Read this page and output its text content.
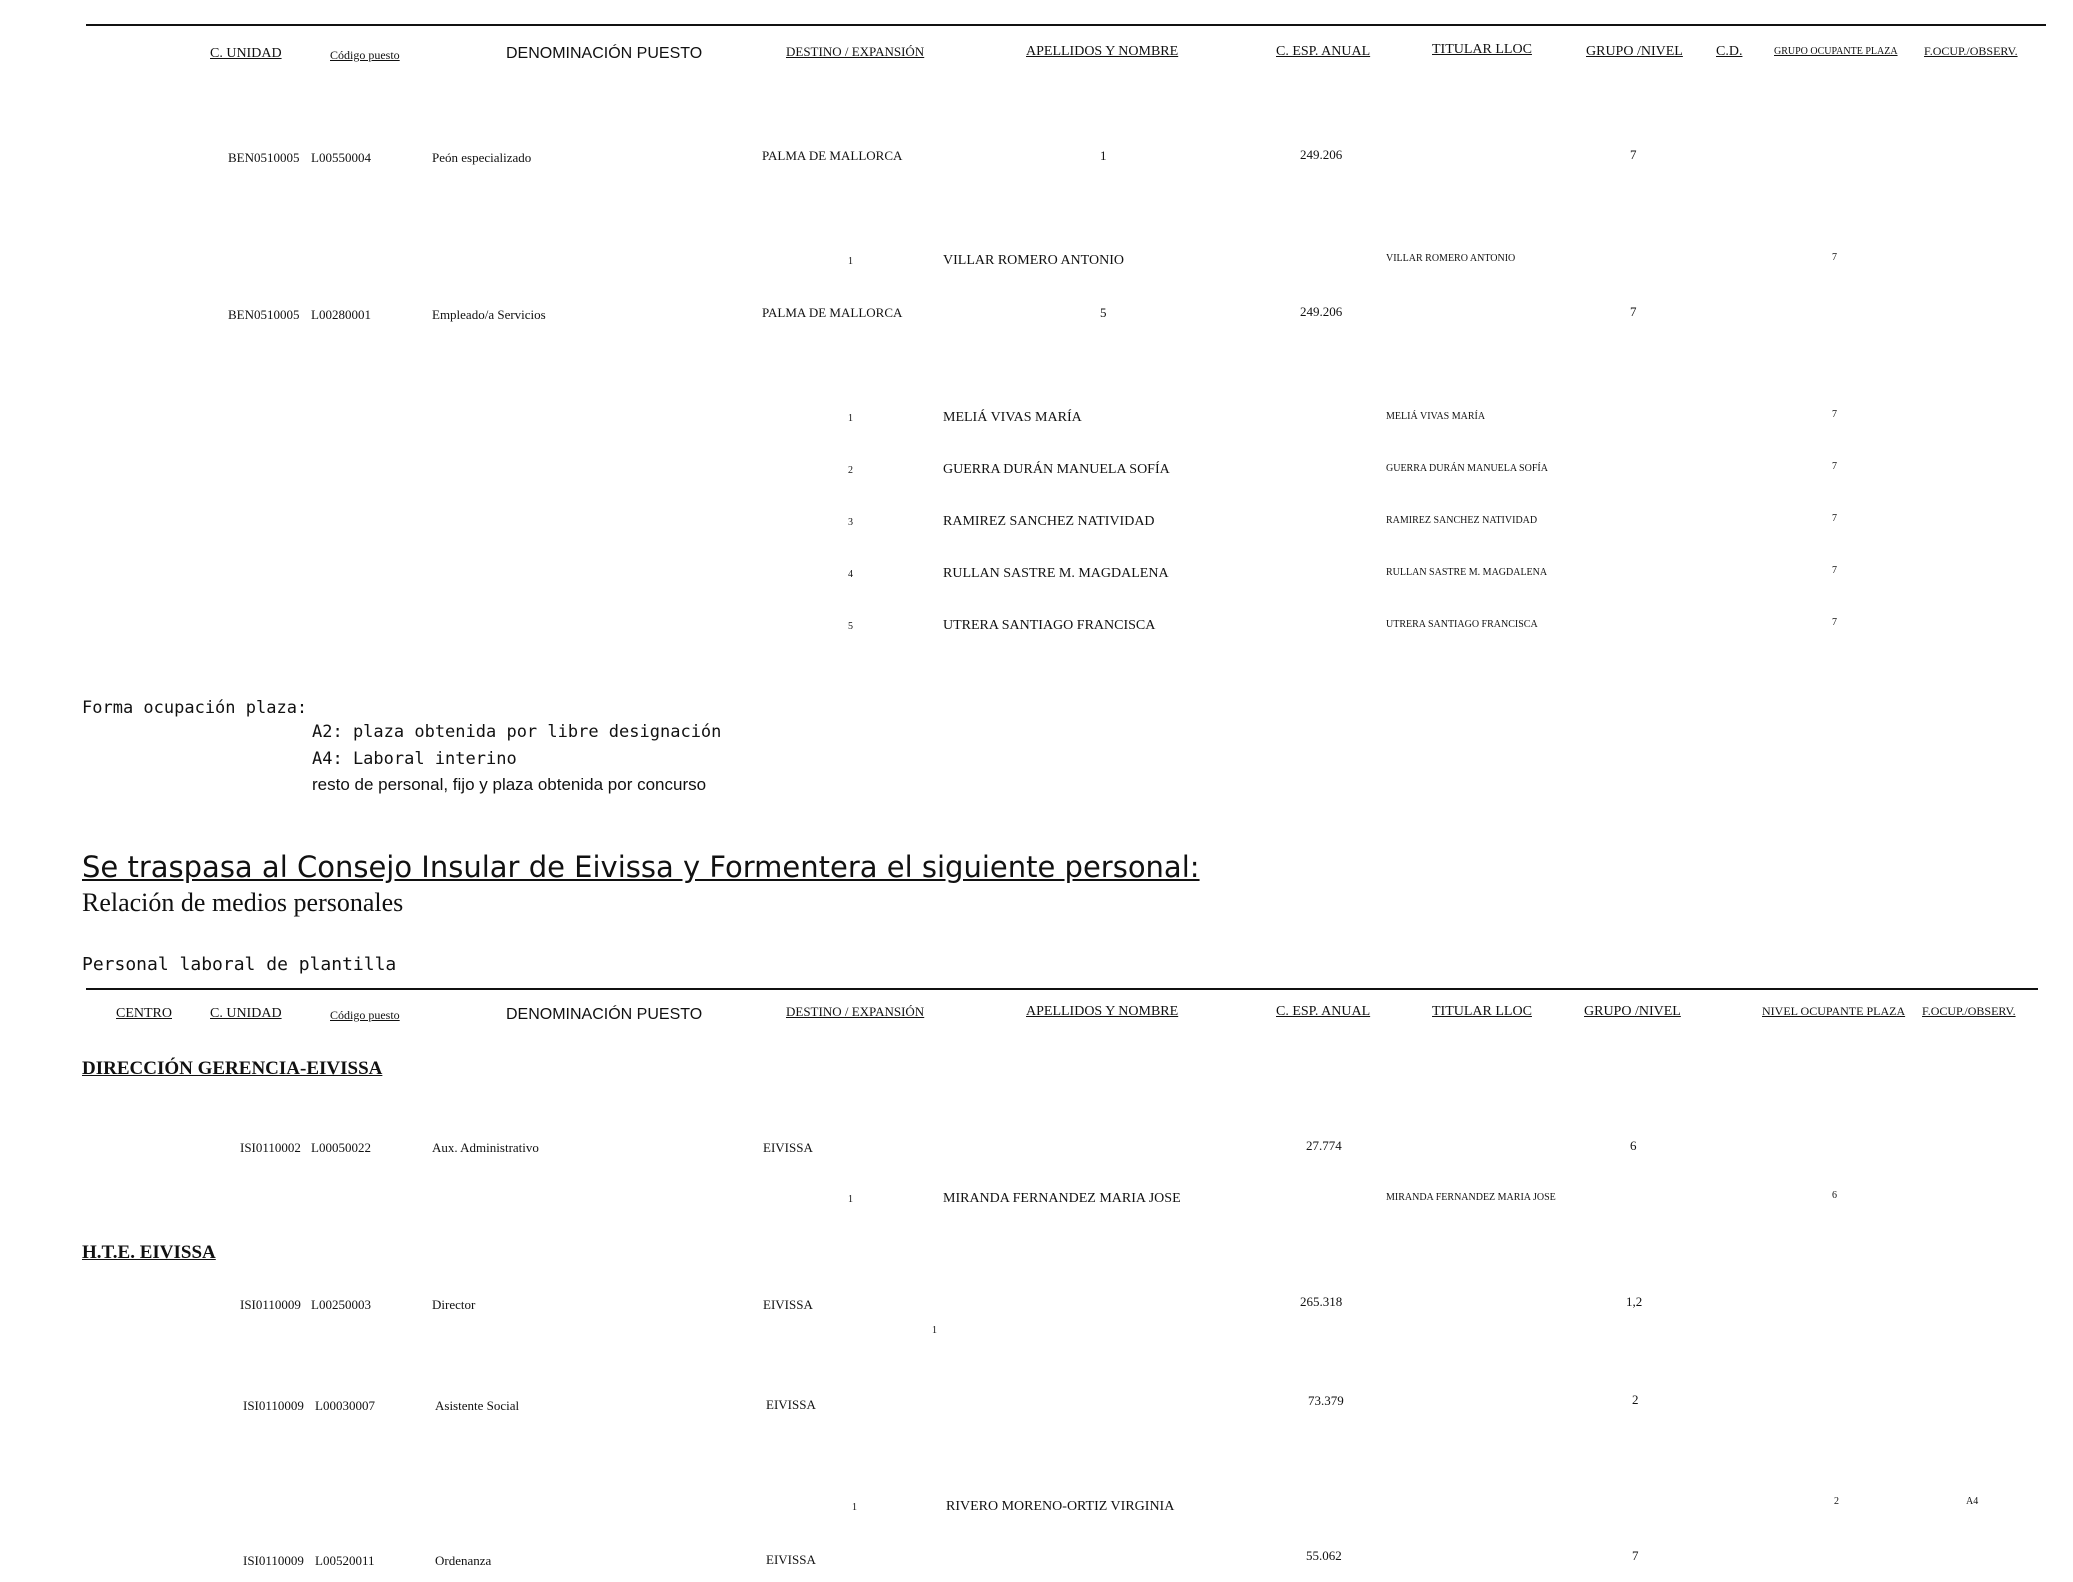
C. UNIDAD	Código puesto	DENOMINACIÓN PUESTO	DESTINO / EXPANSIÓN	APELLIDOS Y NOMBRE	C. ESP. ANUAL	TITULAR LLOC	GRUPO /NIVEL C.D.	GRUPO OCUPANTE PLAZA F.OCUP./OBSERV.
BEN0510005 L00550004	Peón especializado	PALMA DE MALLORCA	1	249.206	7
1	VILLAR ROMERO ANTONIO	VILLAR ROMERO ANTONIO	7
BEN0510005 L00280001	Empleado/a Servicios	PALMA DE MALLORCA	5	249.206	7
1	MELIÁ VIVAS MARÍA	MELIÁ VIVAS MARÍA	7
2	GUERRA DURÁN MANUELA SOFÍA	GUERRA DURÁN MANUELA SOFÍA	7
3	RAMIREZ SANCHEZ NATIVIDAD	RAMIREZ SANCHEZ NATIVIDAD	7
4	RULLAN SASTRE M. MAGDALENA	RULLAN SASTRE M. MAGDALENA	7
5	UTRERA SANTIAGO FRANCISCA	UTRERA SANTIAGO FRANCISCA	7
Forma ocupación plaza:
A2: plaza obtenida por libre designación
A4: Laboral interino
resto de personal, fijo y plaza obtenida por concurso
Se traspasa al Consejo Insular de Eivissa y Formentera el siguiente personal:
Relación de medios personales
Personal laboral de plantilla
CENTRO	C. UNIDAD	Código puesto	DENOMINACIÓN PUESTO	DESTINO / EXPANSIÓN	APELLIDOS Y NOMBRE	C. ESP. ANUAL	TITULAR LLOC	GRUPO /NIVEL	NIVEL OCUPANTE PLAZA F.OCUP./OBSERV.
DIRECCIÓN GERENCIA-EIVISSA
ISI0110002 L00050022	Aux. Administrativo	EIVISSA	27.774	6
1	MIRANDA FERNANDEZ MARIA JOSE	MIRANDA FERNANDEZ MARIA JOSE	6
H.T.E. EIVISSA
ISI0110009 L00250003	Director	EIVISSA	265.318	1,2
1
ISI0110009 L00030007	Asistente Social	EIVISSA	73.379	2
1	RIVERO MORENO-ORTIZ VIRGINIA	2	A4
ISI0110009 L00520011	Ordenanza	EIVISSA	55.062	7
